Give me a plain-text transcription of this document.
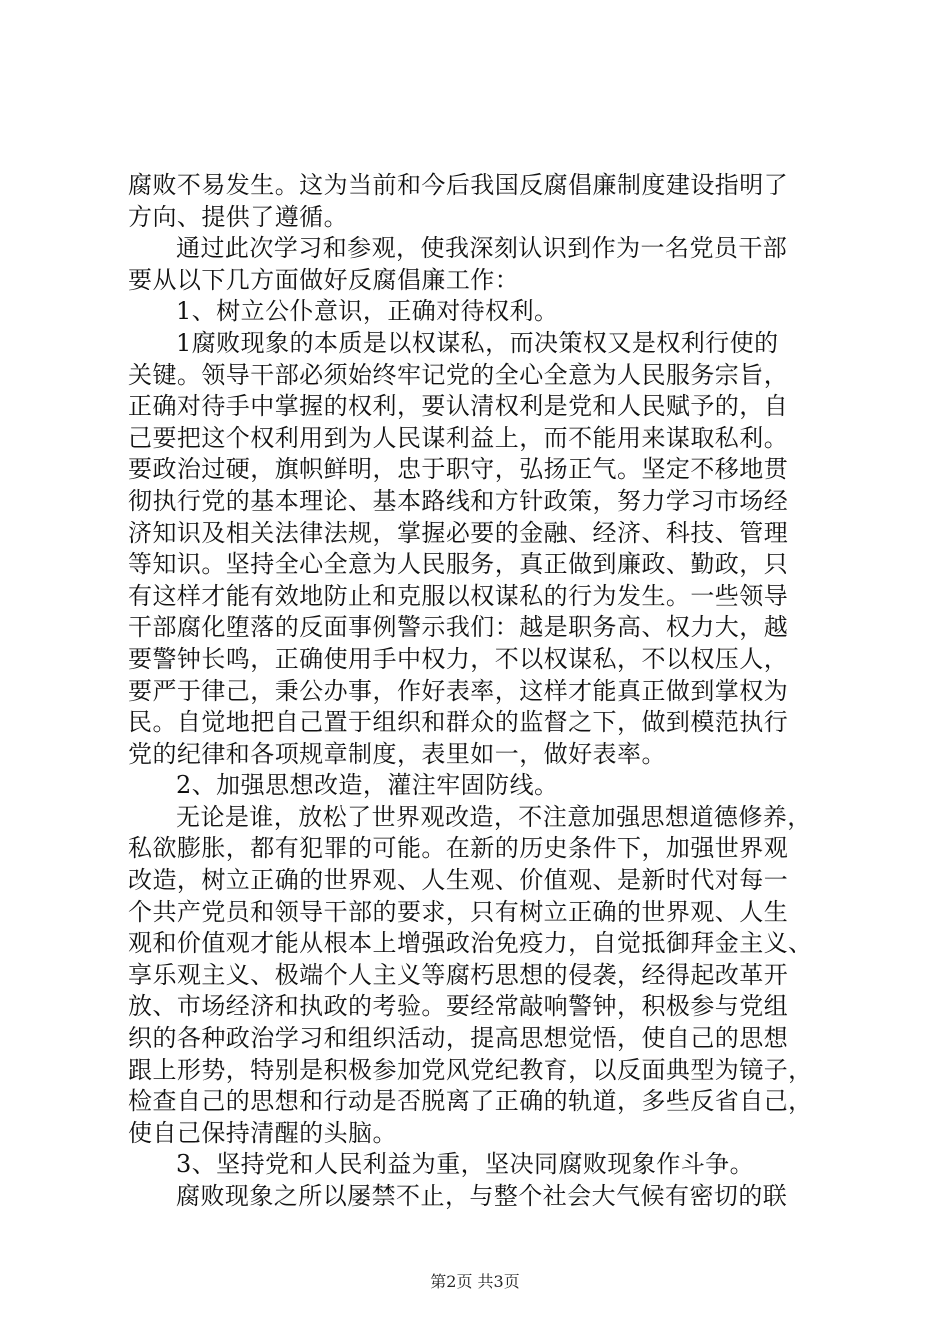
腐败不易发生。这为当前和今后我国反腐倡廉制度建设指明了
方向、提供了遵循。
通过此次学习和参观，使我深刻认识到作为一名党员干部
要从以下几方面做好反腐倡廉工作：
1、树立公仆意识，正确对待权利。
1腐败现象的本质是以权谋私，而决策权又是权利行使的
关键。领导干部必须始终牢记党的全心全意为人民服务宗旨，
正确对待手中掌握的权利，要认清权利是党和人民赋予的，自
己要把这个权利用到为人民谋利益上，而不能用来谋取私利。
要政治过硬，旗帜鲜明，忠于职守，弘扬正气。坚定不移地贯
彻执行党的基本理论、基本路线和方针政策，努力学习市场经
济知识及相关法律法规，掌握必要的金融、经济、科技、管理
等知识。坚持全心全意为人民服务，真正做到廉政、勤政，只
有这样才能有效地防止和克服以权谋私的行为发生。一些领导
干部腐化堕落的反面事例警示我们：越是职务高、权力大，越
要警钟长鸣，正确使用手中权力，不以权谋私，不以权压人，
要严于律己，秉公办事，作好表率，这样才能真正做到掌权为
民。自觉地把自己置于组织和群众的监督之下，做到模范执行
党的纪律和各项规章制度，表里如一，做好表率。
2、加强思想改造，灌注牢固防线。
无论是谁，放松了世界观改造，不注意加强思想道德修养，
私欲膨胀，都有犯罪的可能。在新的历史条件下，加强世界观
改造，树立正确的世界观、人生观、价值观、是新时代对每一
个共产党员和领导干部的要求，只有树立正确的世界观、人生
观和价值观才能从根本上增强政治免疫力，自觉抵御拜金主义、
享乐观主义、极端个人主义等腐朽思想的侵袭，经得起改革开
放、市场经济和执政的考验。要经常敲响警钟，积极参与党组
织的各种政治学习和组织活动，提高思想觉悟，使自己的思想
跟上形势，特别是积极参加党风党纪教育，以反面典型为镜子，
检查自己的思想和行动是否脱离了正确的轨道，多些反省自己，
使自己保持清醒的头脑。
3、坚持党和人民利益为重，坚决同腐败现象作斗争。
腐败现象之所以屡禁不止，与整个社会大气候有密切的联
第2页 共3页
